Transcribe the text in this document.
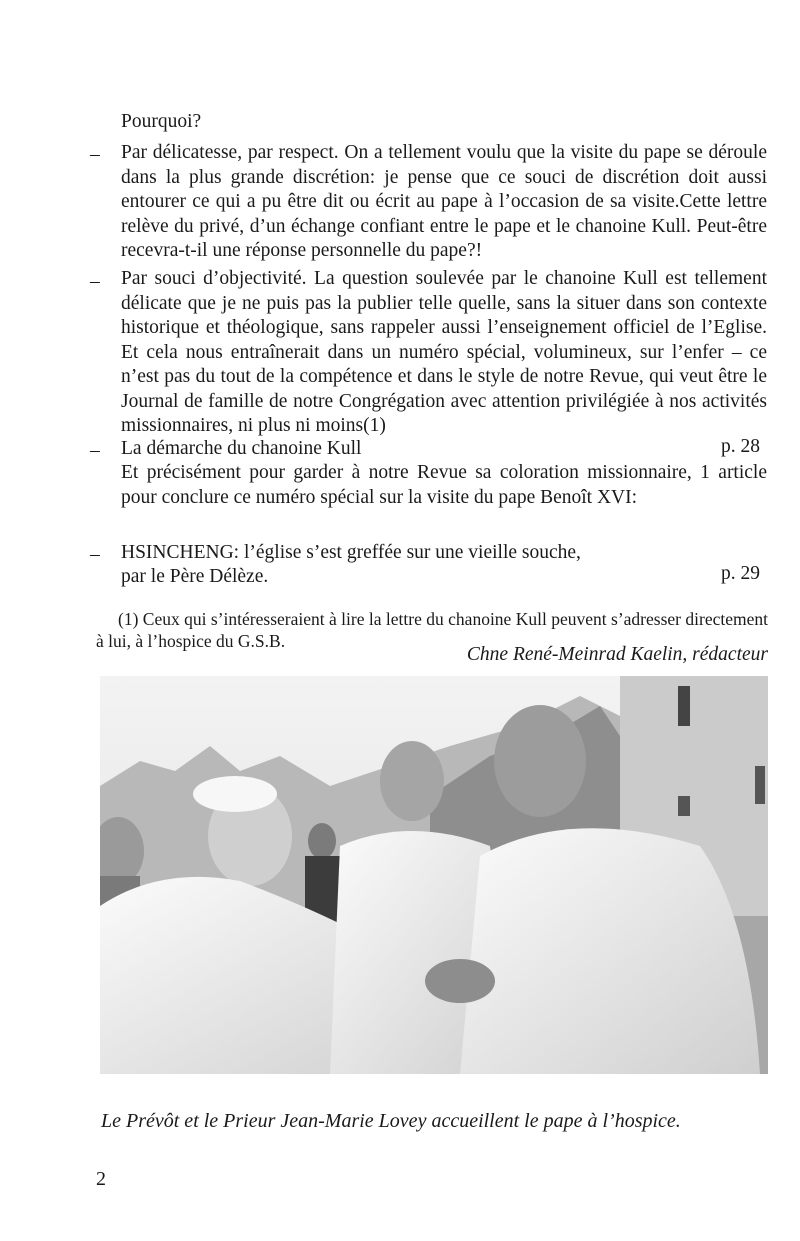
Pourquoi?
– Par délicatesse, par respect. On a tellement voulu que la visite du pape se déroule dans la plus grande discrétion: je pense que ce souci de discrétion doit aussi entourer ce qui a pu être dit ou écrit au pape à l’occasion de sa visite.Cette lettre relève du privé, d’un échange confiant entre le pape et le chanoine Kull. Peut-être recevra-t-il une réponse personnelle du pape?!
– Par souci d’objectivité. La question soulevée par le chanoine Kull est tellement délicate que je ne puis pas la publier telle quelle, sans la situer dans son contexte historique et théologique, sans rappeler aussi l’enseignement officiel de l’Eglise. Et cela nous entraînerait dans un numéro spécial, volumineux, sur l’enfer – ce n’est pas du tout de la compétence et dans le style de notre Revue, qui veut être le Journal de famille de notre Congrégation avec attention privilégiée à nos activités missionnaires, ni plus ni moins(1)
– La démarche du chanoine Kull	p. 28
Et précisément pour garder à notre Revue sa coloration missionnaire, 1 article pour conclure ce numéro spécial sur la visite du pape Benoît XVI:
– HSINCHENG: l’église s’est greffée sur une vieille souche,
par le Père Délèze.	p. 29
(1) Ceux qui s’intéresseraient à lire la lettre du chanoine Kull peuvent s’adresser directement à lui, à l’hospice du G.S.B.
Chne René-Meinrad Kaelin, rédacteur
Le Prévôt et le Prieur Jean-Marie Lovey accueillent le pape à l’hospice.
2
